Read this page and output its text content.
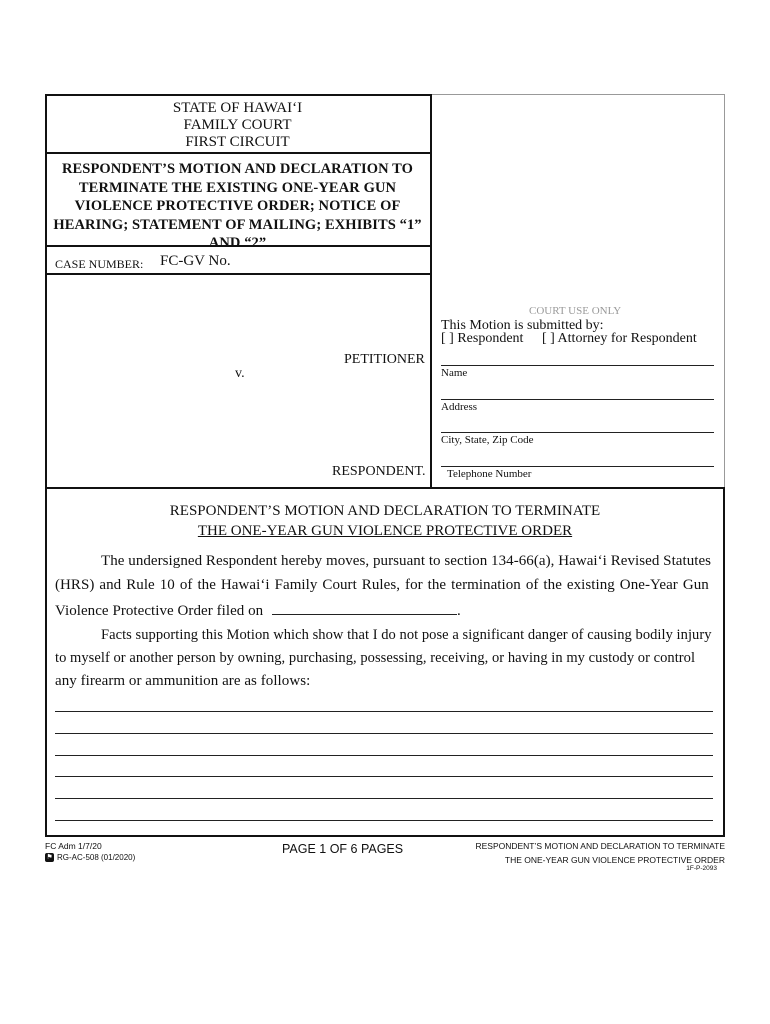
STATE OF HAWAI‘I
FAMILY COURT
FIRST CIRCUIT
RESPONDENT’S MOTION AND DECLARATION TO TERMINATE THE EXISTING ONE-YEAR GUN VIOLENCE PROTECTIVE ORDER; NOTICE OF HEARING; STATEMENT OF MAILING; EXHIBITS “1” AND “2”
CASE NUMBER: FC-GV No.
PETITIONER
v.
RESPONDENT.
COURT USE ONLY
This Motion is submitted by:
[ ] Respondent [ ] Attorney for Respondent
Name
Address
City, State, Zip Code
Telephone Number
RESPONDENT’S MOTION AND DECLARATION TO TERMINATE
THE ONE-YEAR GUN VIOLENCE PROTECTIVE ORDER
The undersigned Respondent hereby moves, pursuant to section 134-66(a), Hawai‘i Revised Statutes
(HRS) and Rule 10 of the Hawai‘i Family Court Rules, for the termination of the existing One-Year Gun
Violence Protective Order filed on	.
Facts supporting this Motion which show that I do not pose a significant danger of causing bodily injury
to myself or another person by owning, purchasing, possessing, receiving, or having in my custody or control
any firearm or ammunition are as follows:
FC Adm 1/7/20
⚑ RG-AC-508 (01/2020)
PAGE 1 OF 6 PAGES	RESPONDENT’S MOTION AND DECLARATION TO TERMINATE
THE ONE-YEAR GUN VIOLENCE PROTECTIVE ORDER
1F-P-2093
